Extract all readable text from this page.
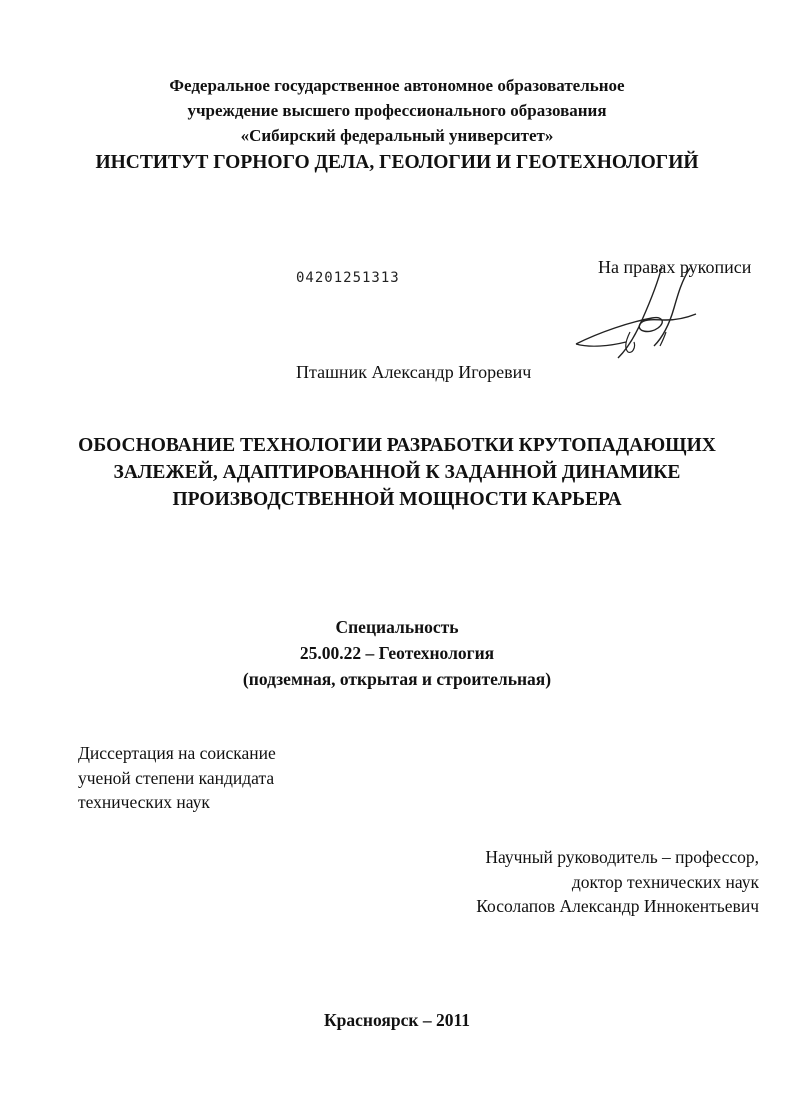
Федеральное государственное автономное образовательное
учреждение высшего профессионального образования
«Сибирский федеральный университет»
ИНСТИТУТ ГОРНОГО ДЕЛА, ГЕОЛОГИИ И ГЕОТЕХНОЛОГИЙ
04201251313
На правах рукописи
Пташник Александр Игоревич
ОБОСНОВАНИЕ ТЕХНОЛОГИИ РАЗРАБОТКИ КРУТОПАДАЮЩИХ
ЗАЛЕЖЕЙ, АДАПТИРОВАННОЙ К ЗАДАННОЙ ДИНАМИКЕ
ПРОИЗВОДСТВЕННОЙ МОЩНОСТИ КАРЬЕРА
Специальность
25.00.22 – Геотехнология
(подземная, открытая и строительная)
Диссертация на соискание
ученой степени кандидата
технических наук
Научный руководитель – профессор,
доктор технических наук
Косолапов Александр Иннокентьевич
Красноярск – 2011
